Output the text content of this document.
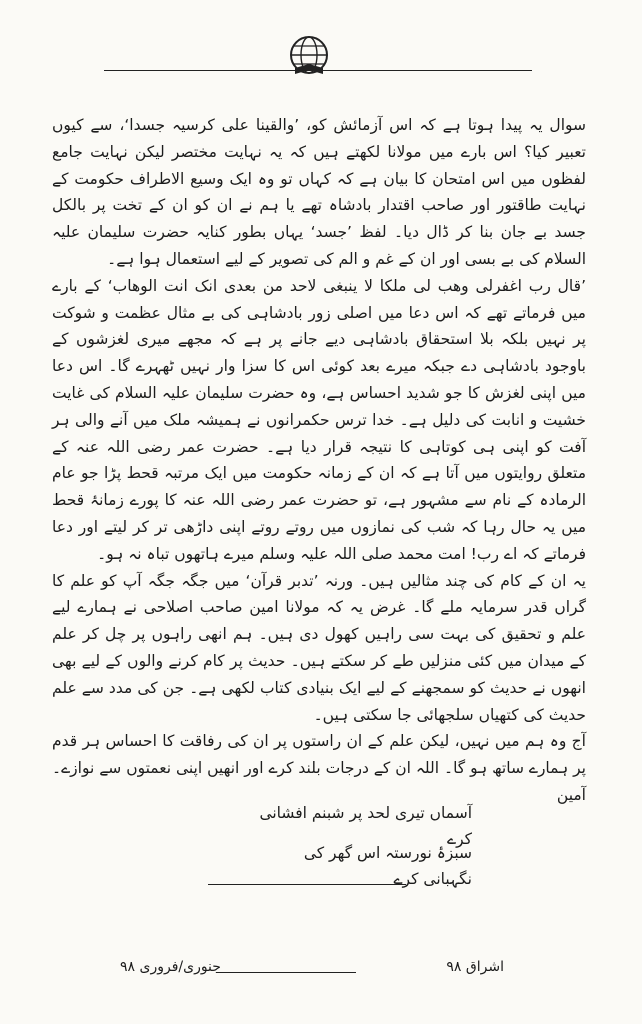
سوال یہ پیدا ہوتا ہے کہ اس آزمائش کو، ’والقینا علی کرسیہ جسدا‘، سے کیوں تعبیر کیا؟ اس بارے میں مولانا لکھتے ہیں کہ یہ نہایت مختصر لیکن نہایت جامع لفظوں میں اس امتحان کا بیان ہے کہ کہاں تو وہ ایک وسیع الاطراف حکومت کے نہایت طاقتور اور صاحب اقتدار بادشاہ تھے یا ہم نے ان کو ان کے تخت پر بالکل جسد بے جان بنا کر ڈال دیا۔ لفظ ’جسد‘ یہاں بطور کنایہ حضرت سلیمان علیہ السلام کی بے بسی اور ان کے غم و الم کی تصویر کے لیے استعمال ہوا ہے۔

’قال رب اغفرلی وھب لی ملکا لا ینبغی لاحد من بعدی انک انت الوھاب‘ کے بارے میں فرماتے تھے کہ اس دعا میں اصلی زور بادشاہی کی بے مثال عظمت و شوکت پر نہیں بلکہ بلا استحقاق بادشاہی دیے جانے پر ہے کہ مجھے میری لغزشوں کے باوجود بادشاہی دے جبکہ میرے بعد کوئی اس کا سزا وار نہیں ٹھہرے گا۔ اس دعا میں اپنی لغزش کا جو شدید احساس ہے، وہ حضرت سلیمان علیہ السلام کی غایت خشیت و انابت کی دلیل ہے۔ خدا ترس حکمرانوں نے ہمیشہ ملک میں آنے والی ہر آفت کو اپنی ہی کوتاہی کا نتیجہ قرار دیا ہے۔ حضرت عمر رضی اللہ عنہ کے متعلق روایتوں میں آتا ہے کہ ان کے زمانہ حکومت میں ایک مرتبہ قحط پڑا جو عام الرمادہ کے نام سے مشہور ہے، تو حضرت عمر رضی اللہ عنہ کا پورے زمانۂ قحط میں یہ حال رہا کہ شب کی نمازوں میں روتے روتے اپنی داڑھی تر کر لیتے اور دعا فرماتے کہ اے رب! امت محمد صلی اللہ علیہ وسلم میرے ہاتھوں تباہ نہ ہو۔

یہ ان کے کام کی چند مثالیں ہیں۔ ورنہ ’تدبر قرآن‘ میں جگہ جگہ آپ کو علم کا گراں قدر سرمایہ ملے گا۔ غرض یہ کہ مولانا امین صاحب اصلاحی نے ہمارے لیے علم و تحقیق کی بہت سی راہیں کھول دی ہیں۔ ہم انھی راہوں پر چل کر علم کے میدان میں کئی منزلیں طے کر سکتے ہیں۔ حدیث پر کام کرنے والوں کے لیے بھی انھوں نے حدیث کو سمجھنے کے لیے ایک بنیادی کتاب لکھی ہے۔ جن کی مدد سے علم حدیث کی کتھیاں سلجھائی جا سکتی ہیں۔

آج وہ ہم میں نہیں، لیکن علم کے ان راستوں پر ان کی رفاقت کا احساس ہر قدم پر ہمارے ساتھ ہو گا۔ اللہ ان کے درجات بلند کرے اور انھیں اپنی نعمتوں سے نوازے۔ آمین

آسماں تیری لحد پر شبنم افشانی کرے
سبزۂ نورستہ اس گھر کی نگہبانی کرے
اشراق ۹۸
جنوری/فروری ۹۸
